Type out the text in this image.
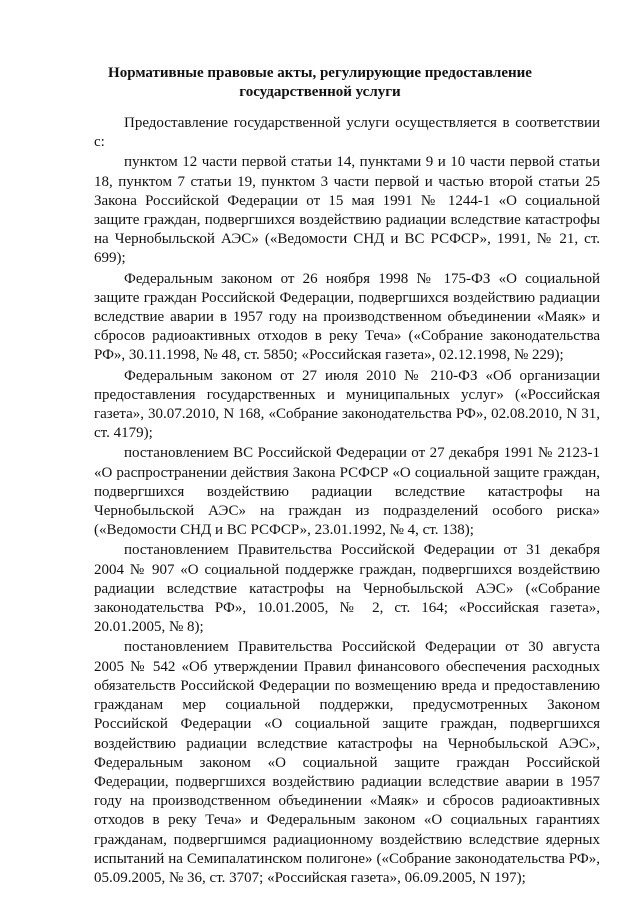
Нормативные правовые акты, регулирующие предоставление
государственной услуги

Предоставление государственной услуги осуществляется в соответствии с:

пунктом 12 части первой статьи 14, пунктами 9 и 10 части первой статьи 18, пунктом 7 статьи 19, пунктом 3 части первой и частью второй статьи 25 Закона Российской Федерации от 15 мая 1991 № 1244-1 «О социальной защите граждан, подвергшихся воздействию радиации вследствие катастрофы на Чернобыльской АЭС» («Ведомости СНД и ВС РСФСР», 1991, № 21, ст. 699);

Федеральным законом от 26 ноября 1998 № 175-ФЗ «О социальной защите граждан Российской Федерации, подвергшихся воздействию радиации вследствие аварии в 1957 году на производственном объединении «Маяк» и сбросов радиоактивных отходов в реку Теча» («Собрание законодательства РФ», 30.11.1998, № 48, ст. 5850; «Российская газета», 02.12.1998, № 229);

Федеральным законом от 27 июля 2010 № 210-ФЗ «Об организации предоставления государственных и муниципальных услуг» («Российская газета», 30.07.2010, N 168, «Собрание законодательства РФ», 02.08.2010, N 31, ст. 4179);

постановлением ВС Российской Федерации от 27 декабря 1991 № 2123-1 «О распространении действия Закона РСФСР «О социальной защите граждан, подвергшихся воздействию радиации вследствие катастрофы на Чернобыльской АЭС» на граждан из подразделений особого риска» («Ведомости СНД и ВС РСФСР», 23.01.1992, № 4, ст. 138);

постановлением Правительства Российской Федерации от 31 декабря 2004 № 907 «О социальной поддержке граждан, подвергшихся воздействию радиации вследствие катастрофы на Чернобыльской АЭС» («Собрание законодательства РФ», 10.01.2005, № 2, ст. 164; «Российская газета», 20.01.2005, № 8);

постановлением Правительства Российской Федерации от 30 августа 2005 № 542 «Об утверждении Правил финансового обеспечения расходных обязательств Российской Федерации по возмещению вреда и предоставлению гражданам мер социальной поддержки, предусмотренных Законом Российской Федерации «О социальной защите граждан, подвергшихся воздействию радиации вследствие катастрофы на Чернобыльской АЭС», Федеральным законом «О социальной защите граждан Российской Федерации, подвергшихся воздействию радиации вследствие аварии в 1957 году на производственном объединении «Маяк» и сбросов радиоактивных отходов в реку Теча» и Федеральным законом «О социальных гарантиях гражданам, подвергшимся радиационному воздействию вследствие ядерных испытаний на Семипалатинском полигоне» («Собрание законодательства РФ», 05.09.2005, № 36, ст. 3707; «Российская газета», 06.09.2005, N 197);
